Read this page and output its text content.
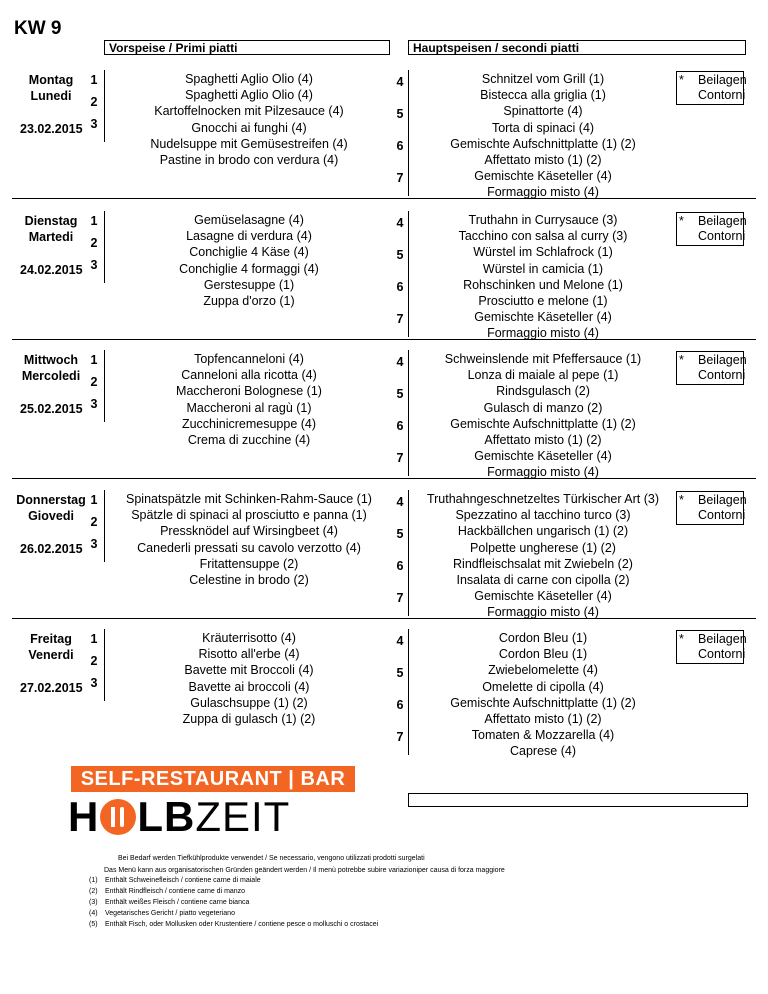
KW 9
Vorspeise / Primi piatti	Hauptspeisen / secondi piatti
Montag
Lunedi
23.02.2015
1
2
3
Spaghetti Aglio Olio (4)
Spaghetti Aglio Olio (4)
Kartoffelnocken mit Pilzesauce (4)
Gnocchi ai funghi (4)
Nudelsuppe mit Gemüsestreifen (4)
Pastine in brodo con verdura (4)
4
5
6
7
Schnitzel vom Grill (1)
Bistecca alla griglia (1)
Spinattorte (4)
Torta di spinaci (4)
Gemischte Aufschnittplatte (1) (2)
Affettato misto (1) (2)
Gemischte Käseteller (4)
Formaggio misto (4)
* Beilagen
Contorni
Dienstag
Martedi
24.02.2015
1
2
3
Gemüselasagne (4)
Lasagne di verdura (4)
Conchiglie 4 Käse (4)
Conchiglie 4 formaggi (4)
Gerstesuppe (1)
Zuppa d'orzo (1)
4
5
6
7
Truthahn in Currysauce (3)
Tacchino con salsa al curry (3)
Würstel im Schlafrock (1)
Würstel in camicia (1)
Rohschinken und Melone (1)
Prosciutto e melone (1)
Gemischte Käseteller (4)
Formaggio misto (4)
* Beilagen
Contorni
Mittwoch
Mercoledi
25.02.2015
1
2
3
Topfencanneloni (4)
Canneloni alla ricotta (4)
Maccheroni Bolognese (1)
Maccheroni al ragù (1)
Zucchinicremesuppe (4)
Crema di zucchine (4)
4
5
6
7
Schweinslende mit Pfeffersauce (1)
Lonza di maiale al pepe (1)
Rindsgulasch (2)
Gulasch di manzo (2)
Gemischte Aufschnittplatte (1) (2)
Affettato misto (1) (2)
Gemischte Käseteller (4)
Formaggio misto (4)
* Beilagen
Contorni
Donnerstag
Giovedi
26.02.2015
1
2
3
Spinatspätzle mit Schinken-Rahm-Sauce (1)
Spätzle di spinaci al prosciutto e panna (1)
Pressknödel auf Wirsingbeet (4)
Canederli pressati su cavolo verzotto (4)
Fritattensuppe (2)
Celestine in brodo (2)
4
5
6
7
Truthahngeschnetzeltes Türkischer Art (3)
Spezzatino al tacchino turco (3)
Hackbällchen ungarisch (1) (2)
Polpette ungherese (1) (2)
Rindfleischsalat mit Zwiebeln (2)
Insalata di carne con cipolla (2)
Gemischte Käseteller (4)
Formaggio misto (4)
* Beilagen
Contorni
Freitag
Venerdi
27.02.2015
1
2
3
Kräuterrisotto (4)
Risotto all'erbe (4)
Bavette mit Broccoli (4)
Bavette ai broccoli (4)
Gulaschsuppe (1) (2)
Zuppa di gulasch (1) (2)
4
5
6
7
Cordon Bleu (1)
Cordon Bleu (1)
Zwiebelomelette (4)
Omelette di cipolla (4)
Gemischte Aufschnittplatte (1) (2)
Affettato misto (1) (2)
Tomaten & Mozzarella (4)
Caprese (4)
* Beilagen
Contorni
SELF-RESTAURANT | BAR
H LBZEIT
Bei Bedarf werden Tiefkühlprodukte verwendet / Se necessario, vengono utilizzati prodotti surgelati
Das Menü kann aus organisatorischen Gründen geändert werden / Il menù potrebbe subire variazioniper causa di forza maggiore
(1) Enthält Schweinefleisch / contiene carne di maiale
(2) Enthält Rindfleisch / contiene carne di manzo
(3) Enthält weißes Fleisch / contiene carne bianca
(4) Vegetarisches Gericht / piatto vegeteriano
(5) Enthält Fisch, oder Mollusken oder Krustentiere / contiene pesce o molluschi o crostacei
